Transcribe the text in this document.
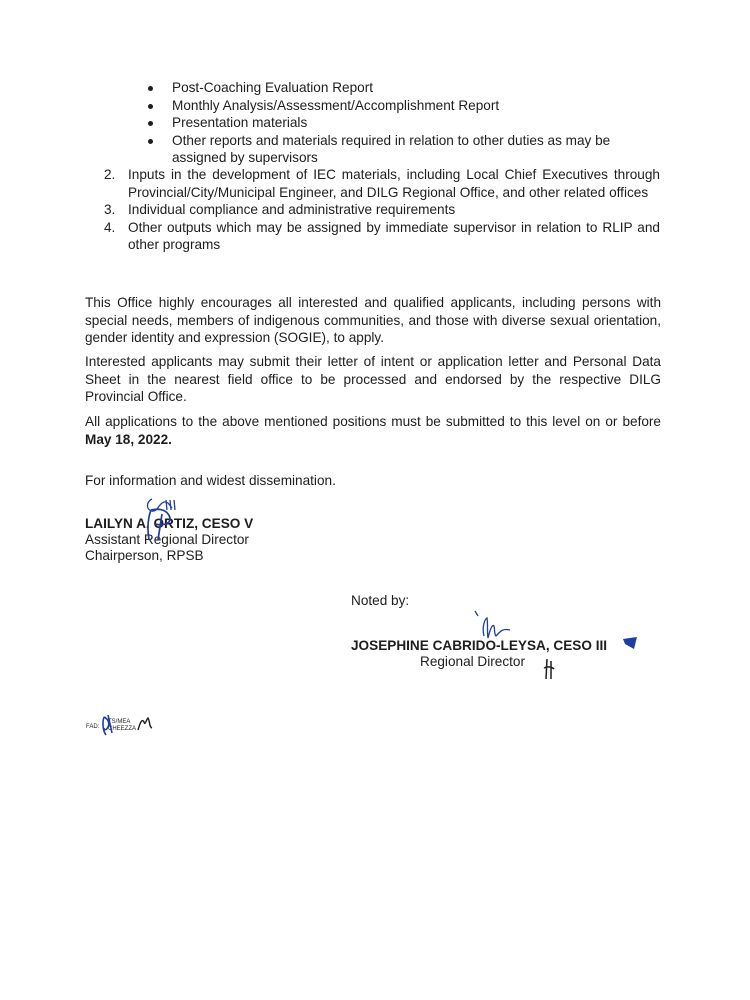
Post-Coaching Evaluation Report
Monthly Analysis/Assessment/Accomplishment Report
Presentation materials
Other reports and materials required in relation to other duties as may be assigned by supervisors
2. Inputs in the development of IEC materials, including Local Chief Executives through Provincial/City/Municipal Engineer, and DILG Regional Office, and other related offices
3. Individual compliance and administrative requirements
4. Other outputs which may be assigned by immediate supervisor in relation to RLIP and other programs
This Office highly encourages all interested and qualified applicants, including persons with special needs, members of indigenous communities, and those with diverse sexual orientation, gender identity and expression (SOGIE), to apply.
Interested applicants may submit their letter of intent or application letter and Personal Data Sheet in the nearest field office to be processed and endorsed by the respective DILG Provincial Office.
All applications to the above mentioned positions must be submitted to this level on or before May 18, 2022.
For information and widest dissemination.
LAILYN A. ORTIZ, CESO V
Assistant Regional Director
Chairperson, RPSB
Noted by:
JOSEPHINE CABRIDO-LEYSA, CESO III
Regional Director
FAD:
TS/MEA
CHEEZZA
